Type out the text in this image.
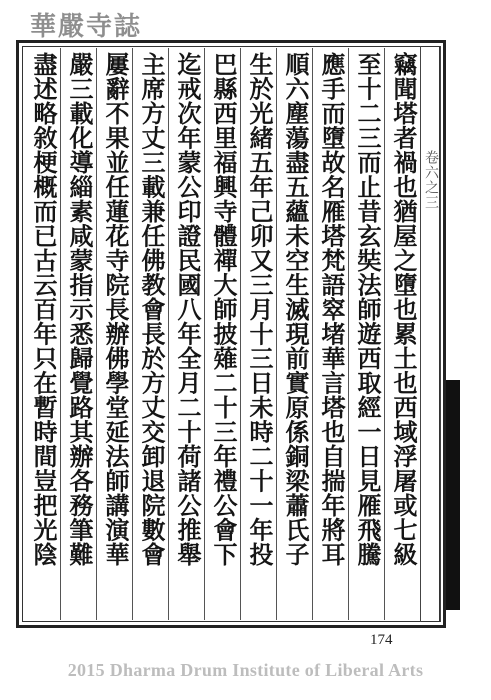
華嚴寺誌
卷六之三
竊聞塔者禍也猶屋之墮也累土也西域浮屠或七級
至十二三而止昔玄奘法師遊西取經一日見雁飛騰
應手而墮故名雁塔梵語窣堵華言塔也自揣年將耳
順六塵蕩盡五蘊未空生滅現前實原係銅梁蕭氏子
生於光緒五年己卯又三月十三日未時二十一年投
巴縣西里福興寺體禪大師披薙二十三年禮公會下
迄戒次年蒙公印證民國八年全月二十荷諸公推舉
主席方丈三載兼任佛教會長於方丈交卸退院數會
屢辭不果並任蓮花寺院長辦佛學堂延法師講演華
嚴三載化導緇素咸蒙指示悉歸覺路其辦各務筆難
盡述略敘梗概而已古云百年只在暫時間豈把光陰
174
2015 Dharma Drum Institute of Liberal Arts
